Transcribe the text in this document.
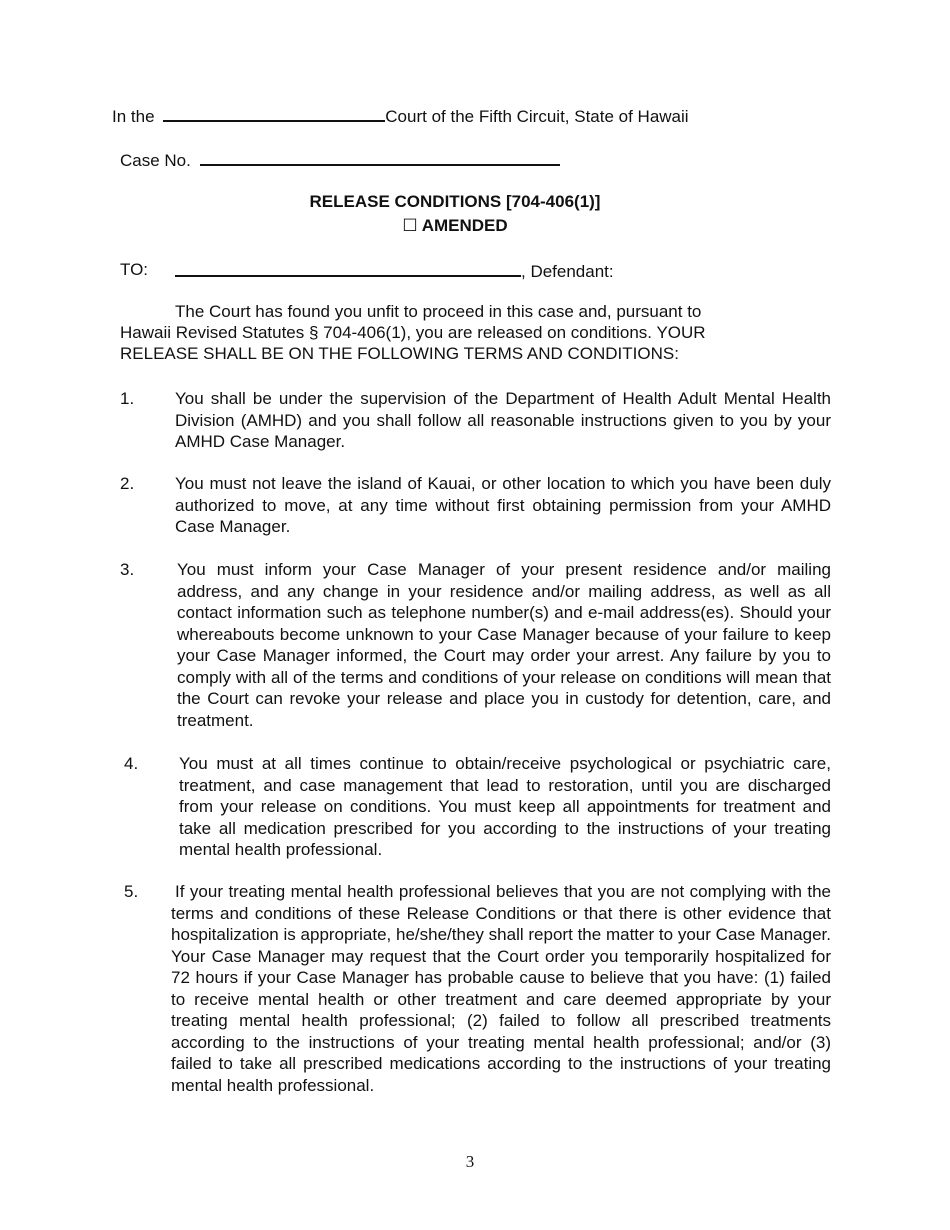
In the	Court of the Fifth Circuit, State of Hawaii
Case No.
RELEASE CONDITIONS [704-406(1)]
☐ AMENDED
TO:	, Defendant:
The Court has found you unfit to proceed in this case and, pursuant to
Hawaii Revised Statutes § 704-406(1), you are released on conditions. YOUR
RELEASE SHALL BE ON THE FOLLOWING TERMS AND CONDITIONS:
1. You shall be under the supervision of the Department of Health Adult Mental Health Division (AMHD) and you shall follow all reasonable instructions given to you by your AMHD Case Manager.
2. You must not leave the island of Kauai, or other location to which you have been duly authorized to move, at any time without first obtaining permission from your AMHD Case Manager.
3.	You must inform your Case Manager of your present residence and/or mailing address, and any change in your residence and/or mailing address, as well as all contact information such as telephone number(s) and e-mail address(es). Should your whereabouts become unknown to your Case Manager because of your failure to keep your Case Manager informed, the Court may order your arrest. Any failure by you to comply with all of the terms and conditions of your release on conditions will mean that the Court can revoke your release and place you in custody for detention, care, and treatment.
4. You must at all times continue to obtain/receive psychological or psychiatric care, treatment, and case management that lead to restoration, until you are discharged from your release on conditions. You must keep all appointments for treatment and take all medication prescribed for you according to the instructions of your treating mental health professional.
5. If your treating mental health professional believes that you are not complying with the terms and conditions of these Release Conditions or that there is other evidence that hospitalization is appropriate, he/she/they shall report the matter to your Case Manager. Your Case Manager may request that the Court order you temporarily hospitalized for 72 hours if your Case Manager has probable cause to believe that you have: (1) failed to receive mental health or other treatment and care deemed appropriate by your treating mental health professional; (2) failed to follow all prescribed treatments according to the instructions of your treating mental health professional; and/or (3) failed to take all prescribed medications according to the instructions of your treating mental health professional.
3
